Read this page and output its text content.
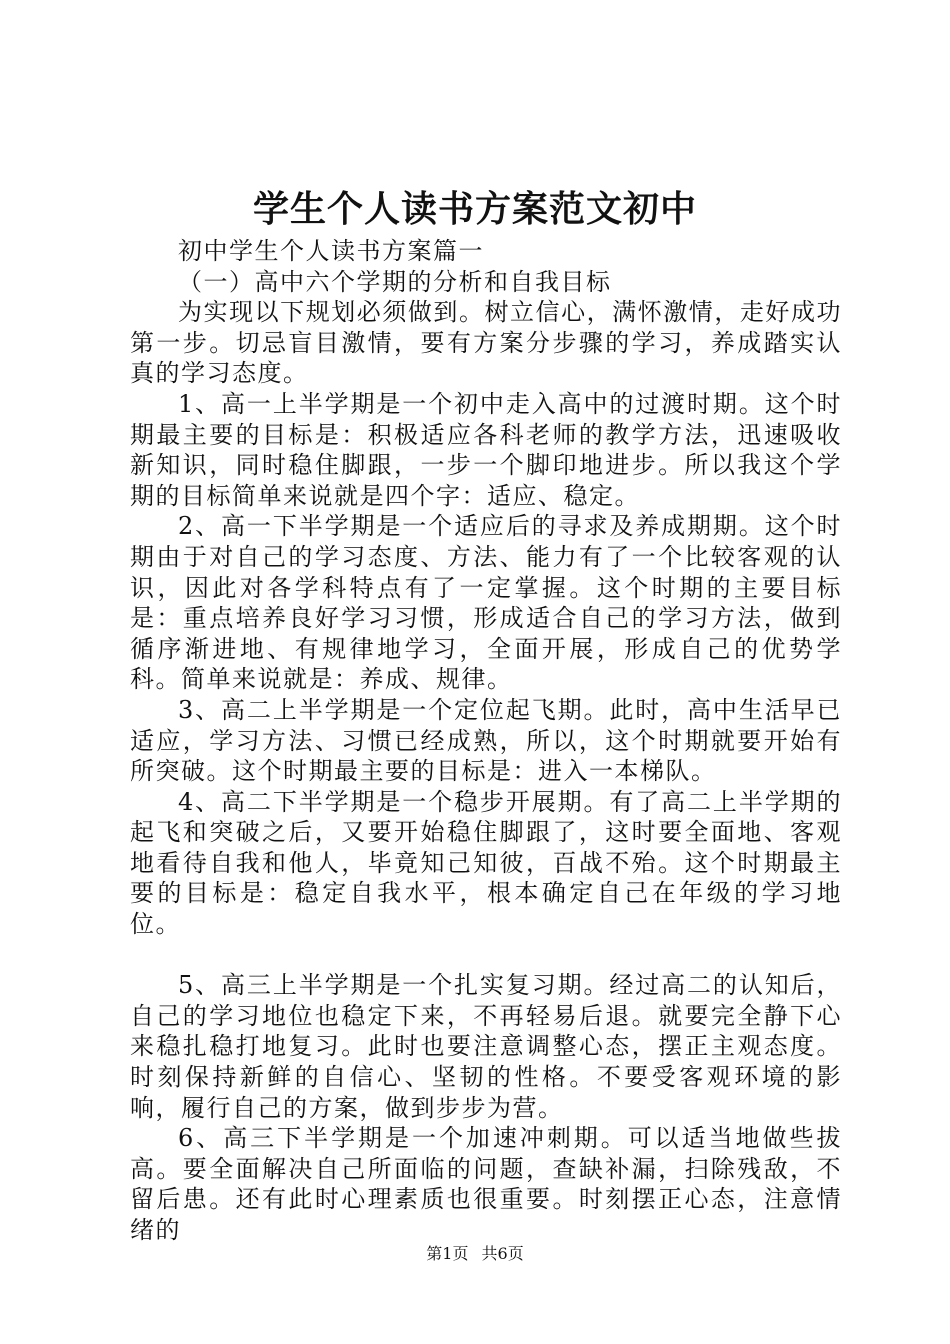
学生个人读书方案范文初中

初中学生个人读书方案篇一

（一）高中六个学期的分析和自我目标

为实现以下规划必须做到。树立信心，满怀激情，走好成功第一步。切忌盲目激情，要有方案分步骤的学习，养成踏实认真的学习态度。

1、高一上半学期是一个初中走入高中的过渡时期。这个时期最主要的目标是：积极适应各科老师的教学方法，迅速吸收新知识，同时稳住脚跟，一步一个脚印地进步。所以我这个学期的目标简单来说就是四个字：适应、稳定。

2、高一下半学期是一个适应后的寻求及养成期期。这个时期由于对自己的学习态度、方法、能力有了一个比较客观的认识，因此对各学科特点有了一定掌握。这个时期的主要目标是：重点培养良好学习习惯，形成适合自己的学习方法，做到循序渐进地、有规律地学习，全面开展，形成自己的优势学科。简单来说就是：养成、规律。

3、高二上半学期是一个定位起飞期。此时，高中生活早已适应，学习方法、习惯已经成熟，所以，这个时期就要开始有所突破。这个时期最主要的目标是：进入一本梯队。

4、高二下半学期是一个稳步开展期。有了高二上半学期的起飞和突破之后，又要开始稳住脚跟了，这时要全面地、客观地看待自我和他人，毕竟知己知彼，百战不殆。这个时期最主要的目标是：稳定自我水平，根本确定自己在年级的学习地位。

5、高三上半学期是一个扎实复习期。经过高二的认知后，自己的学习地位也稳定下来，不再轻易后退。就要完全静下心来稳扎稳打地复习。此时也要注意调整心态，摆正主观态度。时刻保持新鲜的自信心、坚韧的性格。不要受客观环境的影响，履行自己的方案，做到步步为营。

6、高三下半学期是一个加速冲刺期。可以适当地做些拔高。要全面解决自己所面临的问题，查缺补漏，扫除残敌，不留后患。还有此时心理素质也很重要。时刻摆正心态，注意情绪的

第1页 共6页
